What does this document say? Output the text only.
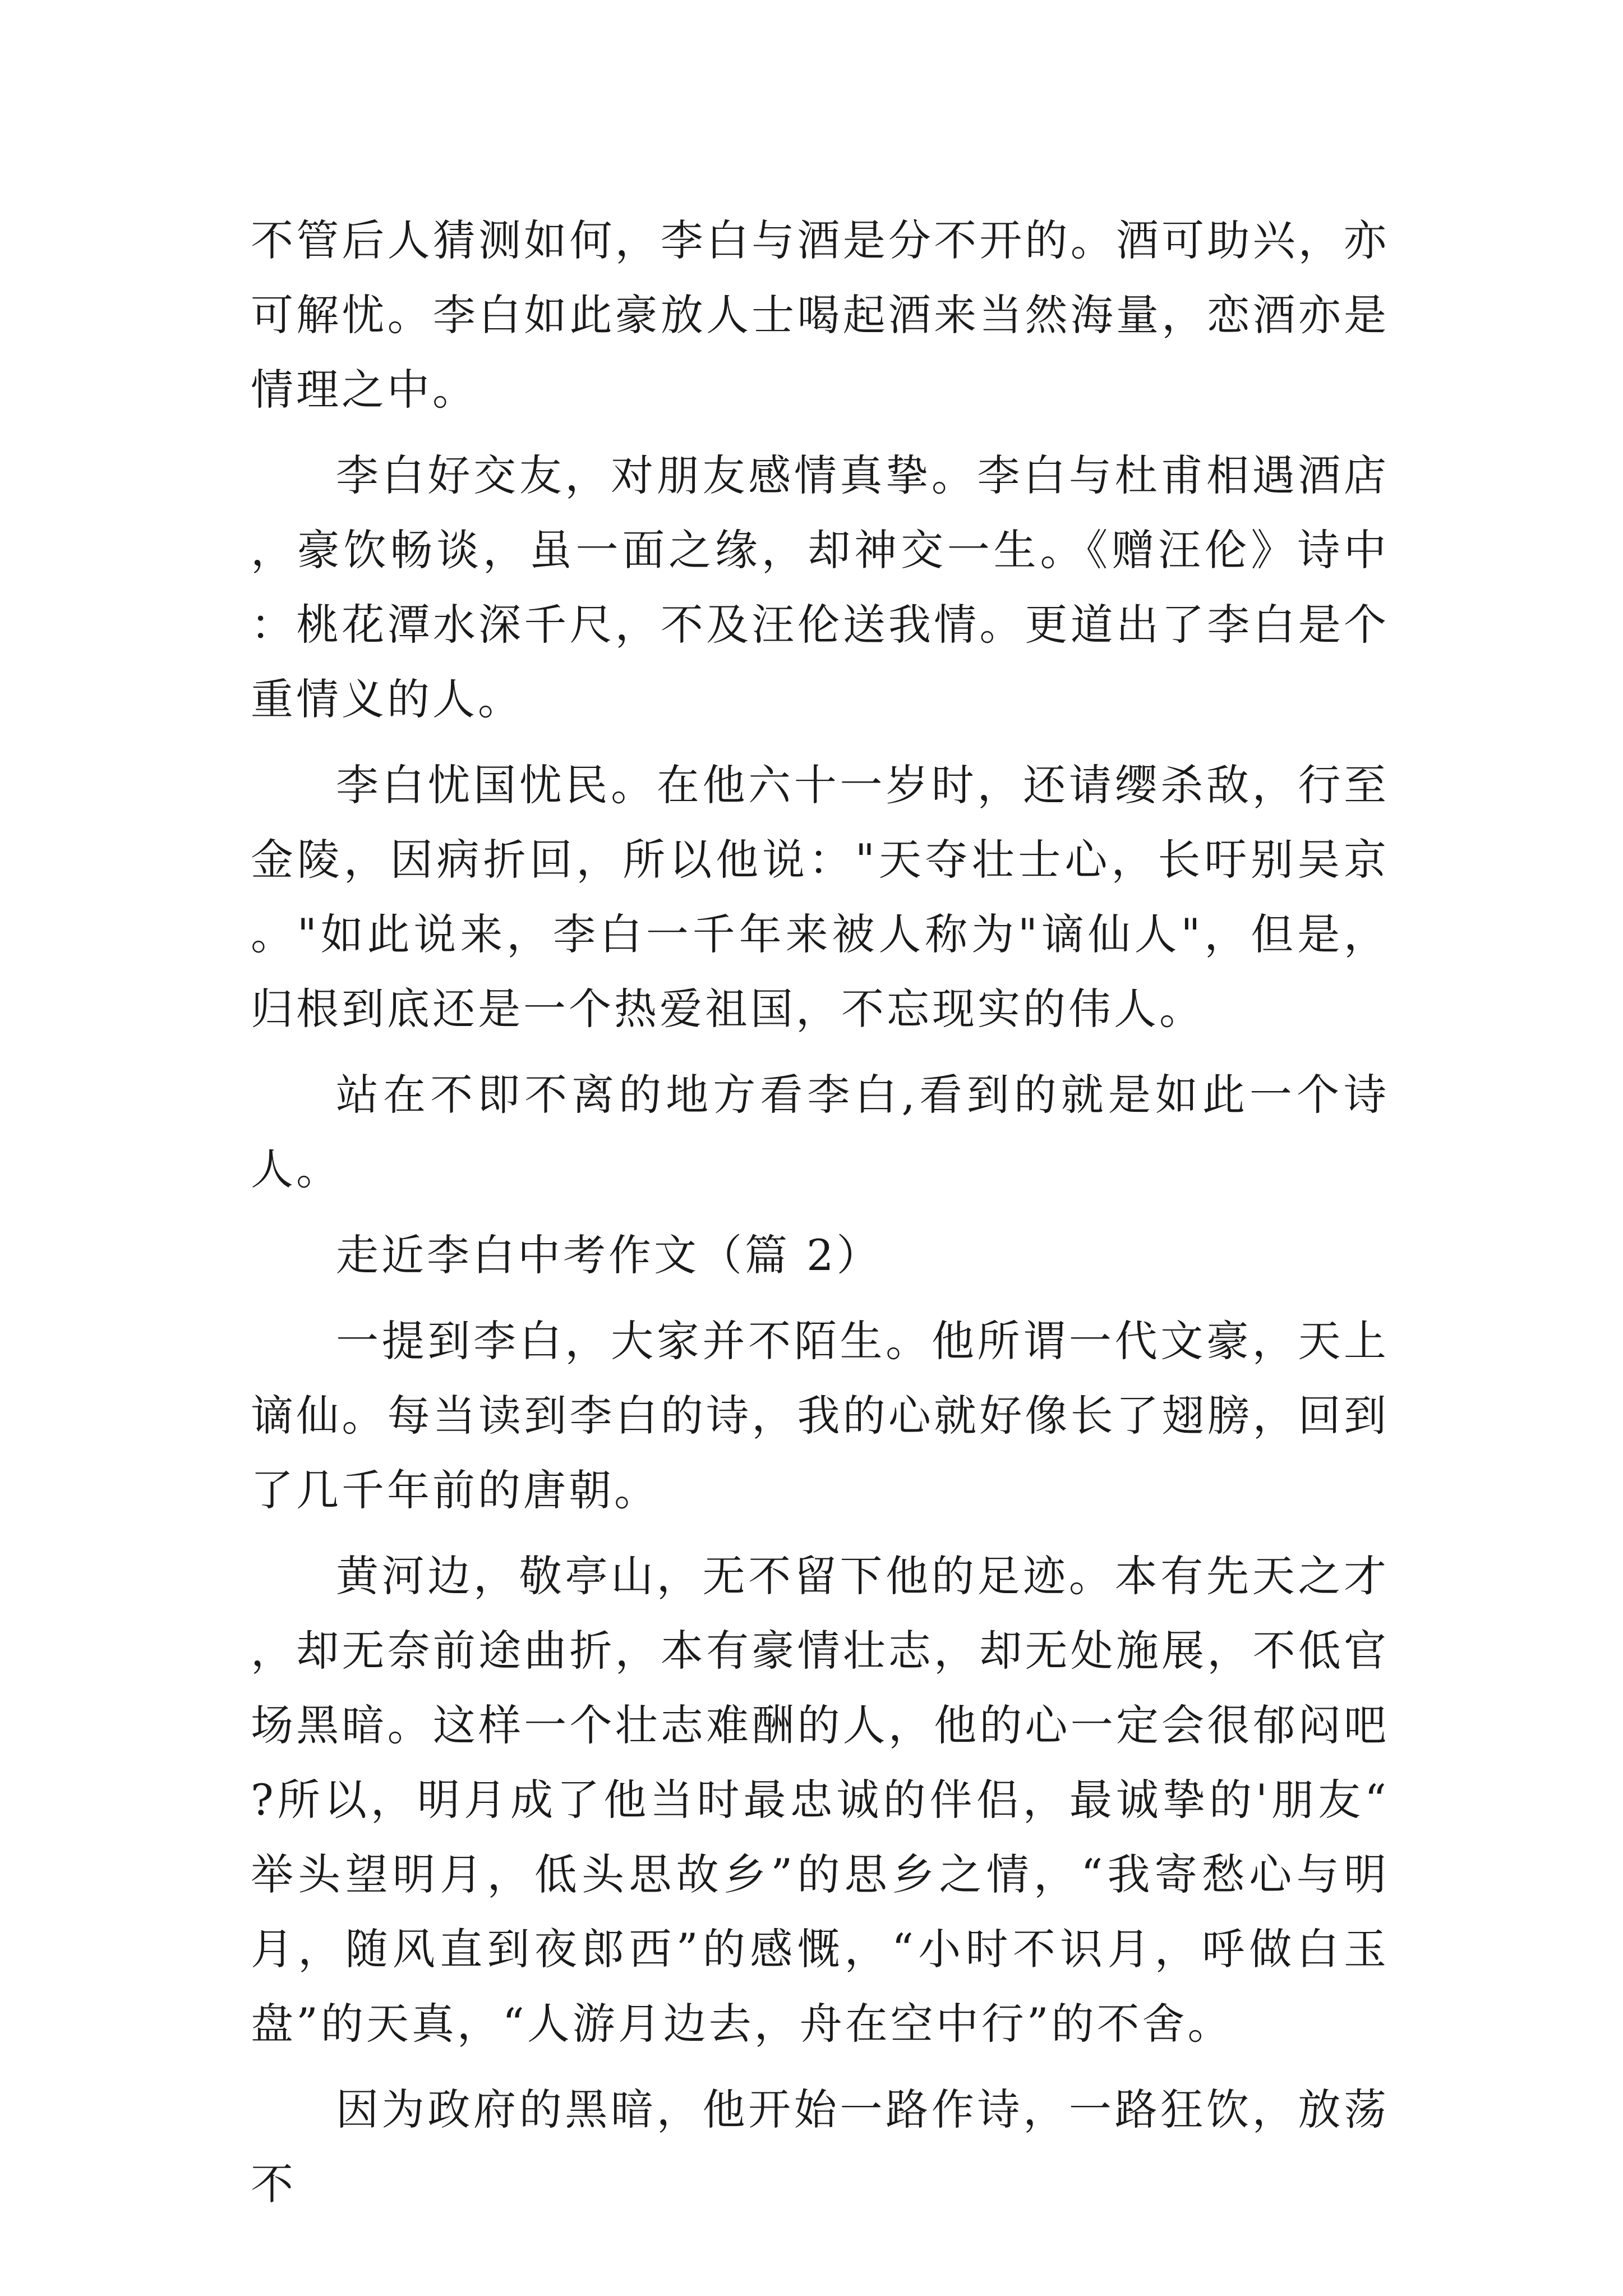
不管后人猜测如何，李白与酒是分不开的。酒可助兴，亦可解忧。李白如此豪放人士喝起酒来当然海量，恋酒亦是情理之中。

李白好交友，对朋友感情真挚。李白与杜甫相遇酒店，豪饮畅谈，虽一面之缘，却神交一生。《赠汪伦》诗中：桃花潭水深千尺，不及汪伦送我情。更道出了李白是个重情义的人。

李白忧国忧民。在他六十一岁时，还请缨杀敌，行至金陵，因病折回，所以他说："天夺壮士心，长吁别吴京。"如此说来，李白一千年来被人称为"谪仙人"，但是，归根到底还是一个热爱祖国，不忘现实的伟人。

站在不即不离的地方看李白,看到的就是如此一个诗人。

走近李白中考作文（篇 2）

一提到李白，大家并不陌生。他所谓一代文豪，天上谪仙。每当读到李白的诗，我的心就好像长了翅膀，回到了几千年前的唐朝。

黄河边，敬亭山，无不留下他的足迹。本有先天之才，却无奈前途曲折，本有豪情壮志，却无处施展，不低官场黑暗。这样一个壮志难酬的人，他的心一定会很郁闷吧?所以，明月成了他当时最忠诚的伴侣，最诚挚的'朋友“举头望明月，低头思故乡”的思乡之情，“我寄愁心与明月，随风直到夜郎西”的感慨，“小时不识月，呼做白玉盘”的天真，“人游月边去，舟在空中行”的不舍。

因为政府的黑暗，他开始一路作诗，一路狂饮，放荡不
